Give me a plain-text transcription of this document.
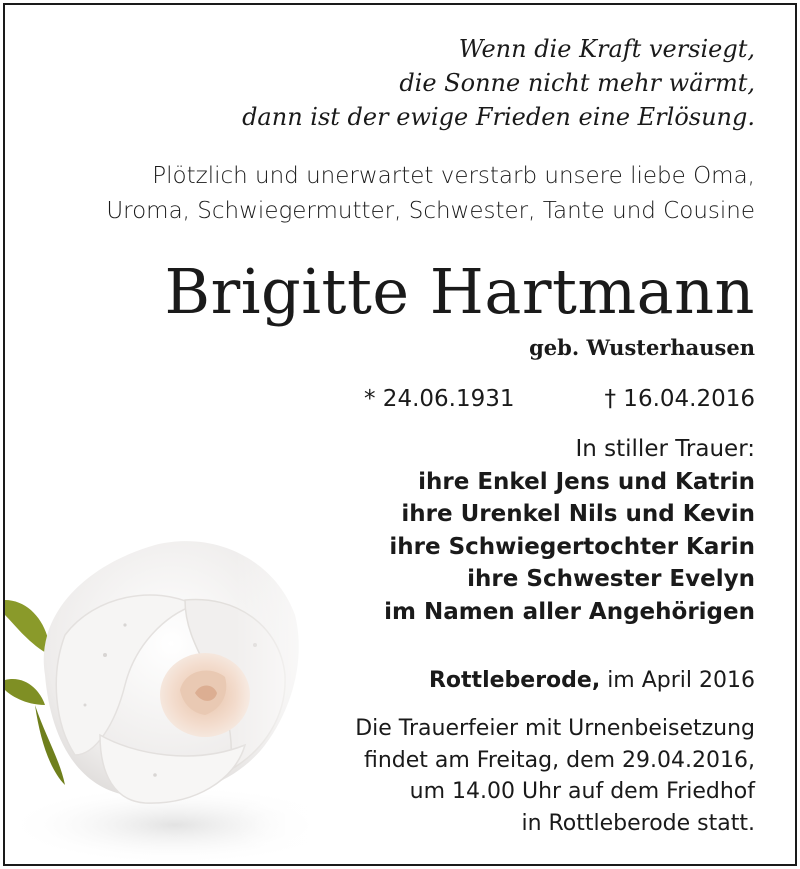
Wenn die Kraft versiegt,
die Sonne nicht mehr wärmt,
dann ist der ewige Frieden eine Erlösung.
Plötzlich und unerwartet verstarb unsere liebe Oma,
Uroma, Schwiegermutter, Schwester, Tante und Cousine
Brigitte Hartmann
geb. Wusterhausen
* 24.06.1931	† 16.04.2016
In stiller Trauer:
ihre Enkel Jens und Katrin
ihre Urenkel Nils und Kevin
ihre Schwiegertochter Karin
ihre Schwester Evelyn
im Namen aller Angehörigen
Rottleberode, im April 2016
Die Trauerfeier mit Urnenbeisetzung
findet am Freitag, dem 29.04.2016,
um 14.00 Uhr auf dem Friedhof
in Rottleberode statt.
